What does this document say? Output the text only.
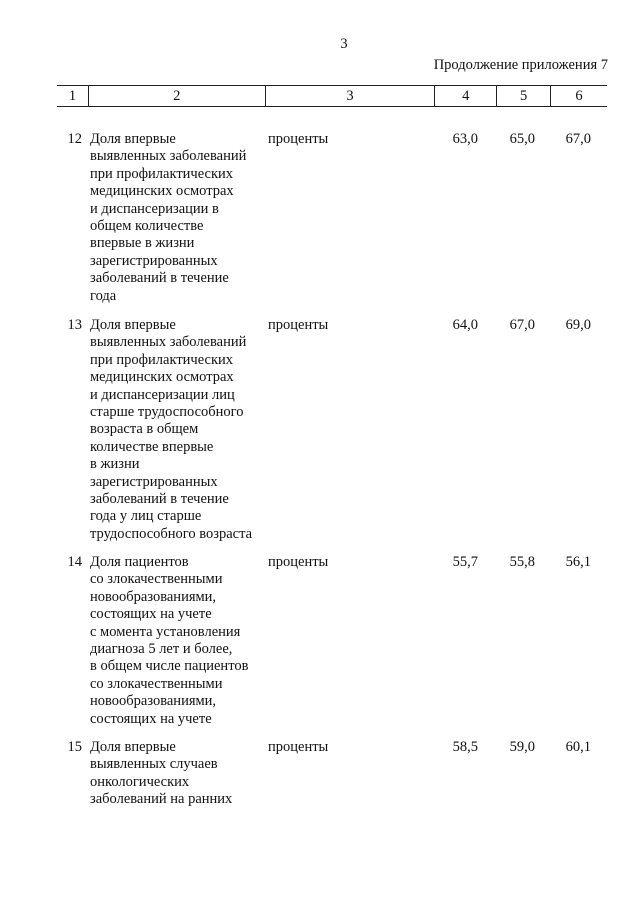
3
Продолжение приложения 7
1	2	3	4	5	6
12 Доля впервые
выявленных заболеваний
при профилактических
медицинских осмотрах
и диспансеризации в
общем количестве
впервые в жизни
зарегистрированных
заболеваний в течение
года
проценты	63,0	65,0	67,0
13 Доля впервые
выявленных заболеваний
при профилактических
медицинских осмотрах
и диспансеризации лиц
старше трудоспособного
возраста в общем
количестве впервые
в жизни
зарегистрированных
заболеваний в течение
года у лиц старше
трудоспособного возраста
проценты	64,0	67,0	69,0
14 Доля пациентов
со злокачественными
новообразованиями,
состоящих на учете
с момента установления
диагноза 5 лет и более,
в общем числе пациентов
со злокачественными
новообразованиями,
состоящих на учете
проценты	55,7	55,8	56,1
15 Доля впервые
выявленных случаев
онкологических
заболеваний на ранних
проценты	58,5	59,0	60,1
